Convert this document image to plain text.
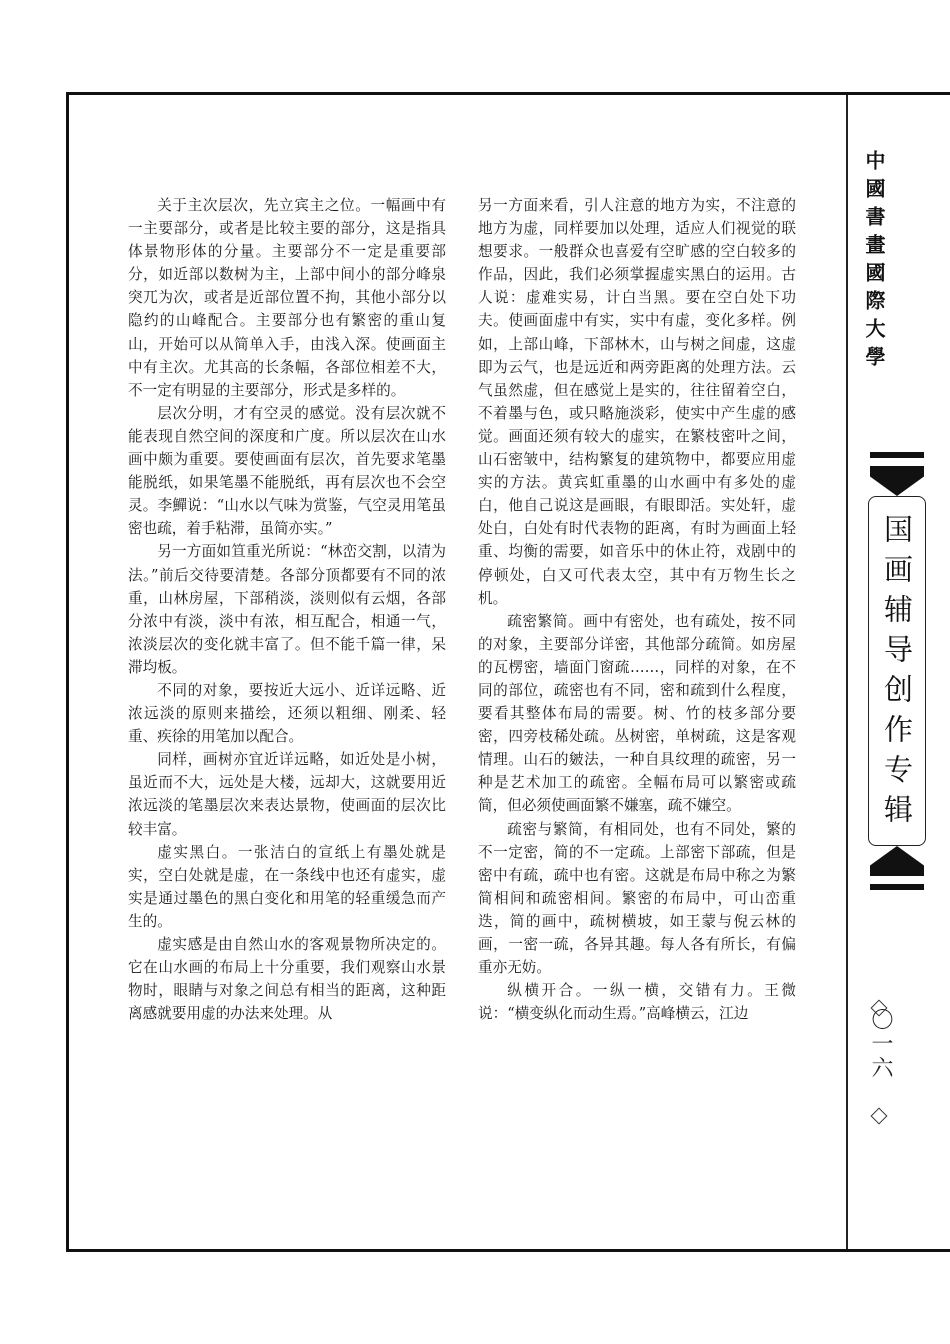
关于主次层次，先立宾主之位。一幅画中有一主要部分，或者是比较主要的部分，这是指具体景物形体的分量。主要部分不一定是重要部分，如近部以数树为主，上部中间小的部分峰泉突兀为次，或者是近部位置不拘，其他小部分以隐约的山峰配合。主要部分也有繁密的重山复山，开始可以从简单入手，由浅入深。使画面主中有主次。尤其高的长条幅，各部位相差不大，不一定有明显的主要部分，形式是多样的。

层次分明，才有空灵的感觉。没有层次就不能表现自然空间的深度和广度。所以层次在山水画中颇为重要。要使画面有层次，首先要求笔墨能脱纸，如果笔墨不能脱纸，再有层次也不会空灵。李鱓说：“山水以气味为赏鉴，气空灵用笔虽密也疏，着手粘滞，虽简亦实。”

另一方面如笪重光所说：“林峦交割，以清为法。”前后交待要清楚。各部分顶都要有不同的浓重，山林房屋，下部稍淡，淡则似有云烟，各部分浓中有淡，淡中有浓，相互配合，相通一气，浓淡层次的变化就丰富了。但不能千篇一律，呆滞均板。

不同的对象，要按近大远小、近详远略、近浓远淡的原则来描绘，还须以粗细、刚柔、轻重、疾徐的用笔加以配合。

同样，画树亦宜近详远略，如近处是小树，虽近而不大，远处是大楼，远却大，这就要用近浓远淡的笔墨层次来表达景物，使画面的层次比较丰富。

虚实黑白。一张洁白的宣纸上有墨处就是实，空白处就是虚，在一条线中也还有虚实，虚实是通过墨色的黑白变化和用笔的轻重缓急而产生的。

虚实感是由自然山水的客观景物所决定的。它在山水画的布局上十分重要，我们观察山水景物时，眼睛与对象之间总有相当的距离，这种距离感就要用虚的办法来处理。从

另一方面来看，引人注意的地方为实，不注意的地方为虚，同样要加以处理，适应人们视觉的联想要求。一般群众也喜爱有空旷感的空白较多的作品，因此，我们必须掌握虚实黑白的运用。古人说：虚难实易，计白当黑。要在空白处下功夫。使画面虚中有实，实中有虚，变化多样。例如，上部山峰，下部林木，山与树之间虚，这虚即为云气，也是远近和两旁距离的处理方法。云气虽然虚，但在感觉上是实的，往往留着空白，不着墨与色，或只略施淡彩，使实中产生虚的感觉。画面还须有较大的虚实，在繁枝密叶之间，山石密皱中，结构繁复的建筑物中，都要应用虚实的方法。黄宾虹重墨的山水画中有多处的虚白，他自己说这是画眼，有眼即活。实处轩，虚处白，白处有时代表物的距离，有时为画面上轻重、均衡的需要，如音乐中的休止符，戏剧中的停顿处，白又可代表太空，其中有万物生长之机。

疏密繁简。画中有密处，也有疏处，按不同的对象，主要部分详密，其他部分疏简。如房屋的瓦楞密，墙面门窗疏……，同样的对象，在不同的部位，疏密也有不同，密和疏到什么程度，要看其整体布局的需要。树、竹的枝多部分要密，四旁枝稀处疏。丛树密，单树疏，这是客观情理。山石的皴法，一种自具纹理的疏密，另一种是艺术加工的疏密。全幅布局可以繁密或疏简，但必须使画面繁不嫌塞，疏不嫌空。

疏密与繁简，有相同处，也有不同处，繁的不一定密，简的不一定疏。上部密下部疏，但是密中有疏，疏中也有密。这就是布局中称之为繁简相间和疏密相间。繁密的布局中，可山峦重迭，简的画中，疏树横坡，如王蒙与倪云林的画，一密一疏，各异其趣。每人各有所长，有偏重亦无妨。

纵横开合。一纵一横，交错有力。王微说：“横变纵化而动生焉。”高峰横云，江边

中國書畫國際大學
国画辅导创作专辑
〇一六
